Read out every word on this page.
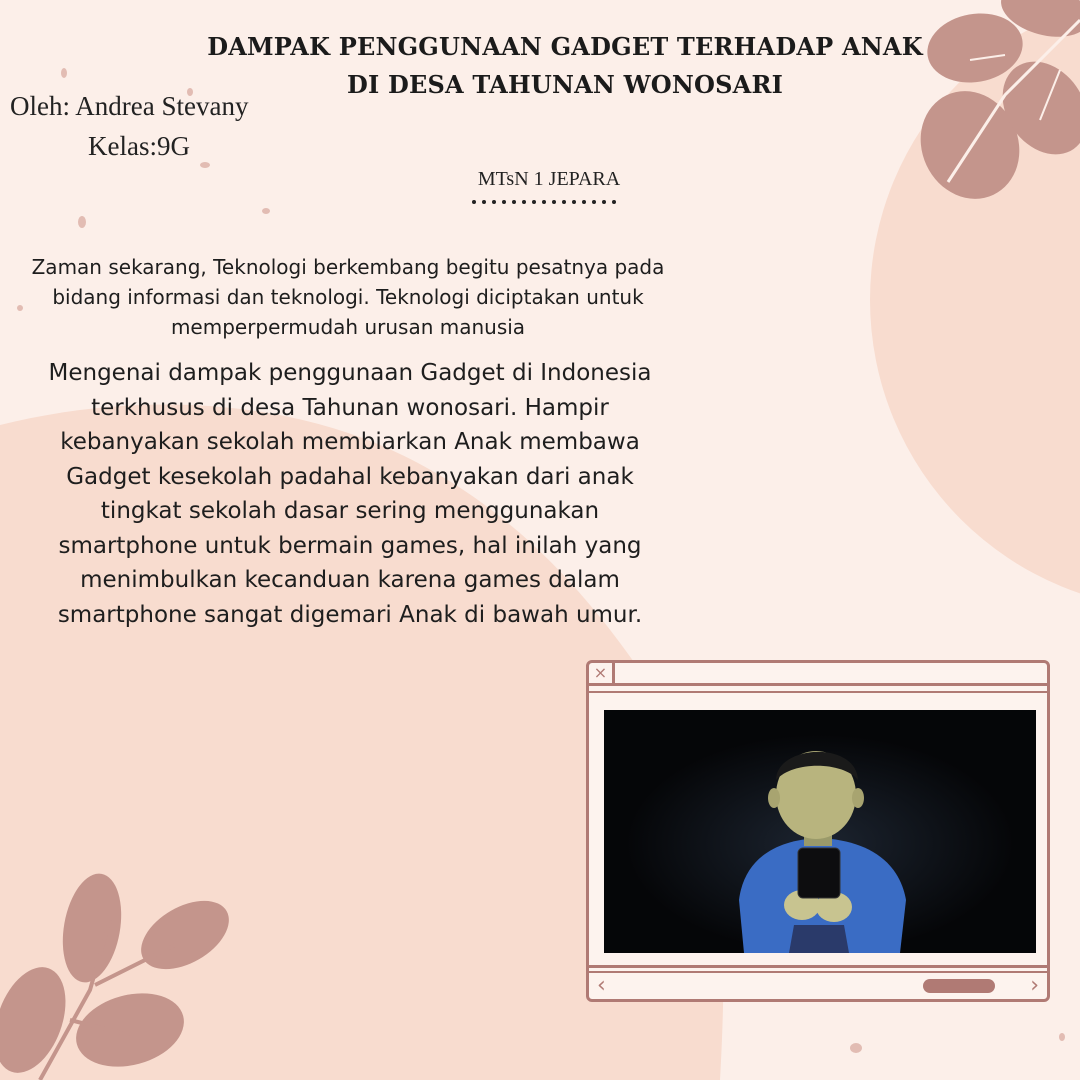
DAMPAK PENGGUNAAN GADGET TERHADAP ANAK
DI DESA TAHUNAN WONOSARI
Oleh: Andrea Stevany
Kelas:9G
MTsN 1 JEPARA
Zaman sekarang, Teknologi berkembang begitu pesatnya pada bidang informasi dan teknologi. Teknologi diciptakan untuk memperpermudah urusan manusia
Mengenai dampak penggunaan Gadget di Indonesia terkhusus di desa Tahunan wonosari. Hampir kebanyakan sekolah membiarkan Anak membawa Gadget kesekolah padahal kebanyakan dari anak tingkat sekolah dasar sering menggunakan smartphone untuk bermain games, hal inilah yang menimbulkan kecanduan karena games dalam smartphone sangat digemari Anak di bawah umur.
×
‹	›
